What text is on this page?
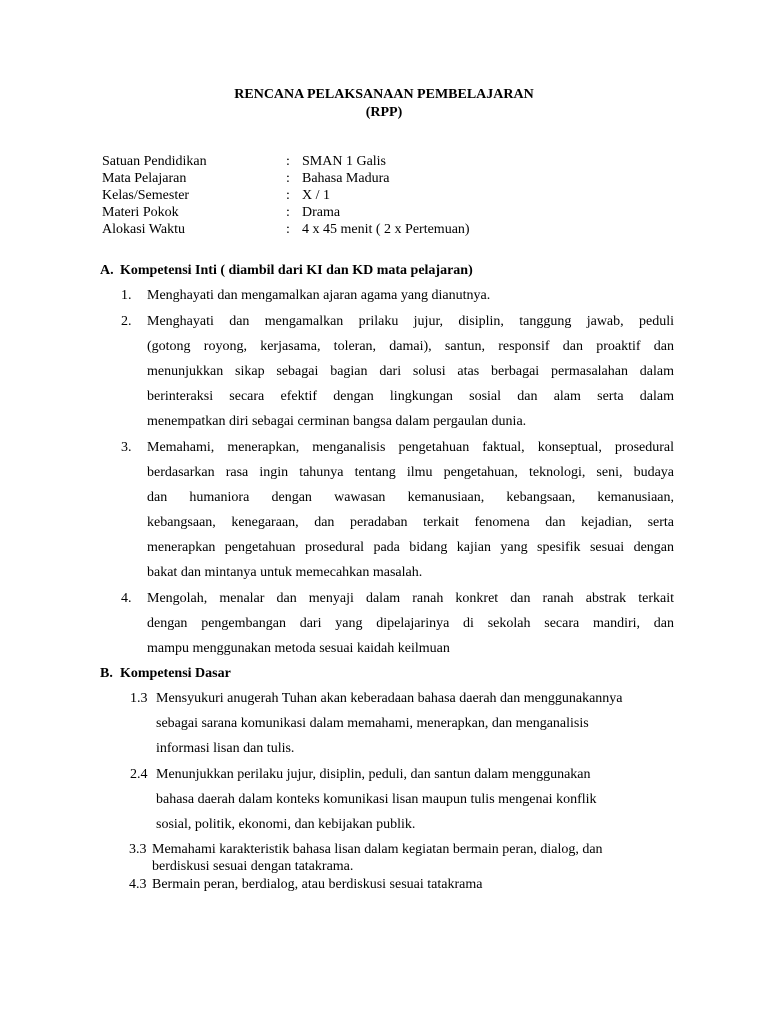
RENCANA PELAKSANAAN PEMBELAJARAN
(RPP)
Satuan Pendidikan	: SMAN 1 Galis
Mata Pelajaran	: Bahasa Madura
Kelas/Semester	: X / 1
Materi Pokok	: Drama
Alokasi Waktu	: 4 x 45 menit ( 2 x Pertemuan)
A. Kompetensi Inti ( diambil dari KI dan KD mata pelajaran)
1. Menghayati dan mengamalkan ajaran agama yang dianutnya.
2. Menghayati dan mengamalkan prilaku jujur, disiplin, tanggung jawab, peduli
(gotong royong, kerjasama, toleran, damai), santun, responsif dan proaktif dan
menunjukkan sikap sebagai bagian dari solusi atas berbagai permasalahan dalam
berinteraksi secara efektif dengan lingkungan sosial dan alam serta dalam
menempatkan diri sebagai cerminan bangsa dalam pergaulan dunia.
3. Memahami, menerapkan, menganalisis pengetahuan faktual, konseptual, prosedural
berdasarkan rasa ingin tahunya tentang ilmu pengetahuan, teknologi, seni, budaya
dan humaniora dengan wawasan kemanusiaan, kebangsaan, kemanusiaan,
kebangsaan, kenegaraan, dan peradaban terkait fenomena dan kejadian, serta
menerapkan pengetahuan prosedural pada bidang kajian yang spesifik sesuai dengan
bakat dan mintanya untuk memecahkan masalah.
4. Mengolah, menalar dan menyaji dalam ranah konkret dan ranah abstrak terkait
dengan pengembangan dari yang dipelajarinya di sekolah secara mandiri, dan
mampu menggunakan metoda sesuai kaidah keilmuan
B. Kompetensi Dasar
1.3 Mensyukuri anugerah Tuhan akan keberadaan bahasa daerah dan menggunakannya
sebagai sarana komunikasi dalam memahami, menerapkan, dan menganalisis
informasi lisan dan tulis.
2.4 Menunjukkan perilaku jujur, disiplin, peduli, dan santun dalam menggunakan
bahasa daerah dalam konteks komunikasi lisan maupun tulis mengenai konflik
sosial, politik, ekonomi, dan kebijakan publik.
3.3 Memahami karakteristik bahasa lisan dalam kegiatan bermain peran, dialog, dan
berdiskusi sesuai dengan tatakrama.
4.3 Bermain peran, berdialog, atau berdiskusi sesuai tatakrama
